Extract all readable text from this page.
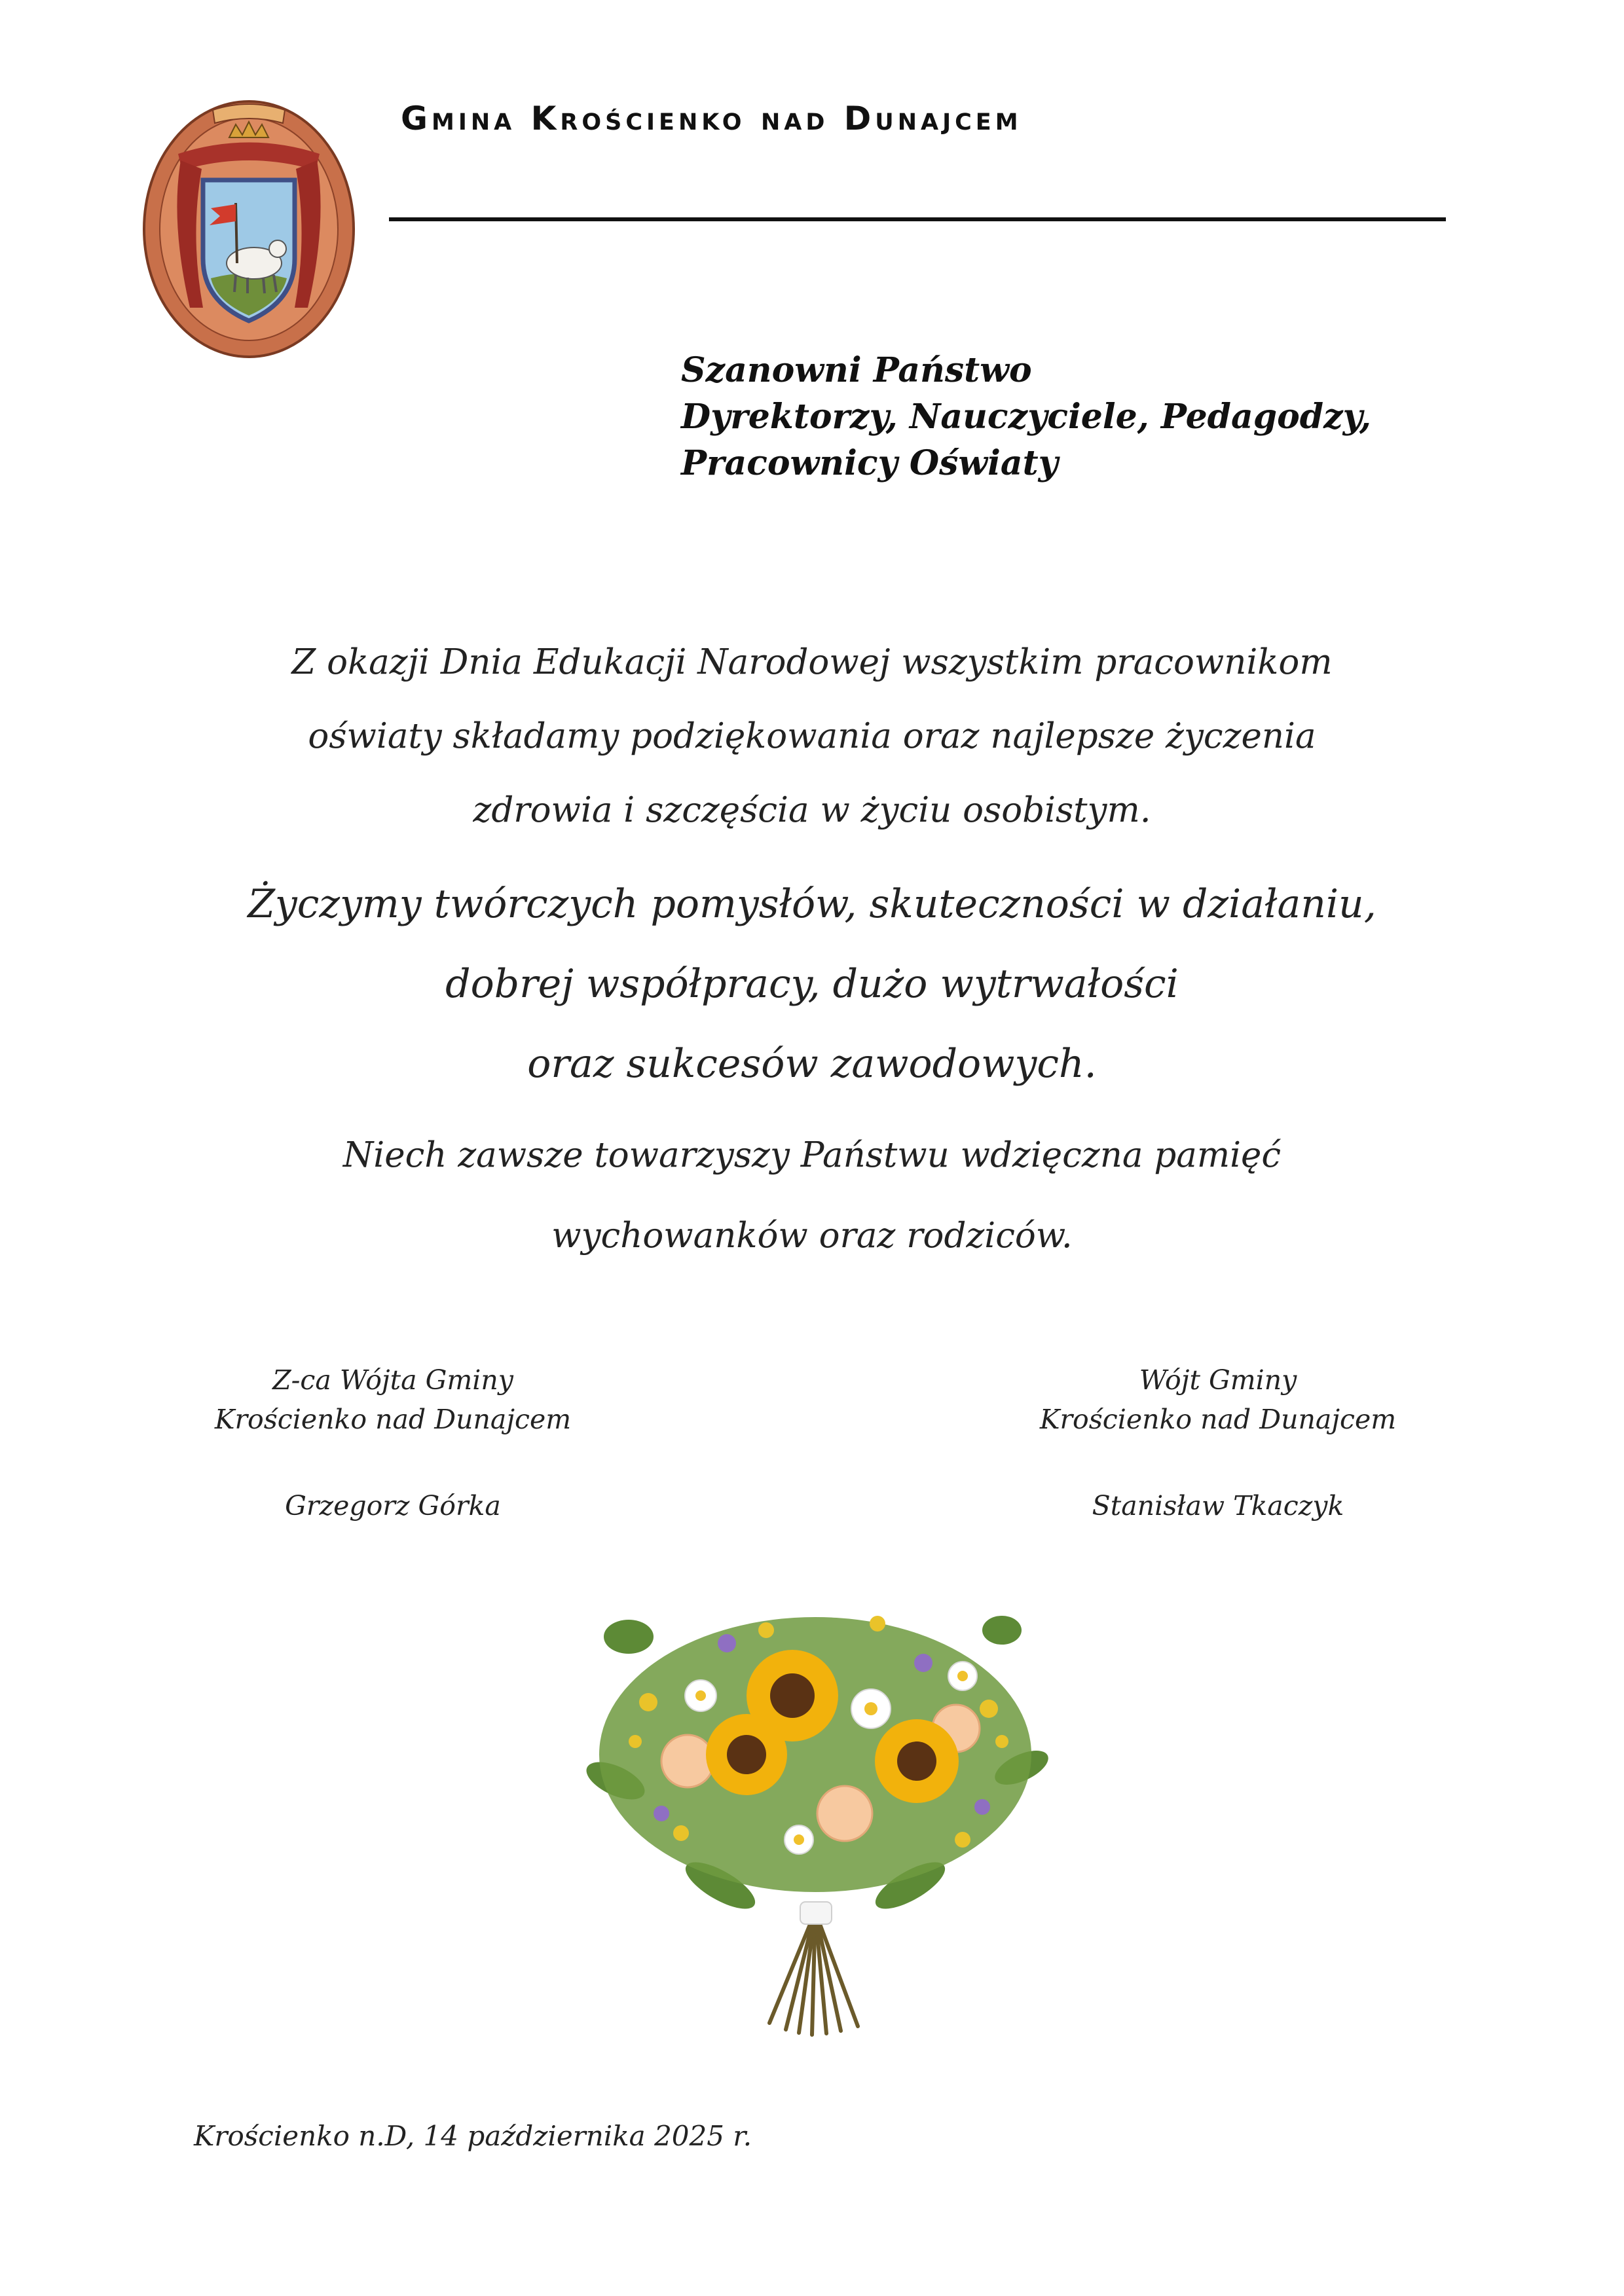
Gmina Krościenko nad Dunajcem
Szanowni Państwo
Dyrektorzy, Nauczyciele, Pedagodzy,
Pracownicy Oświaty
Z okazji Dnia Edukacji Narodowej wszystkim pracownikom
oświaty składamy podziękowania oraz najlepsze życzenia
zdrowia i szczęścia w życiu osobistym.
Życzymy twórczych pomysłów, skuteczności w działaniu,
dobrej współpracy, dużo wytrwałości
oraz sukcesów zawodowych.
Niech zawsze towarzyszy Państwu wdzięczna pamięć
wychowanków oraz rodziców.
Z-ca Wójta Gminy
Krościenko nad Dunajcem
Grzegorz Górka
Wójt Gminy
Krościenko nad Dunajcem
Stanisław Tkaczyk
Krościenko n.D, 14 października 2025 r.
